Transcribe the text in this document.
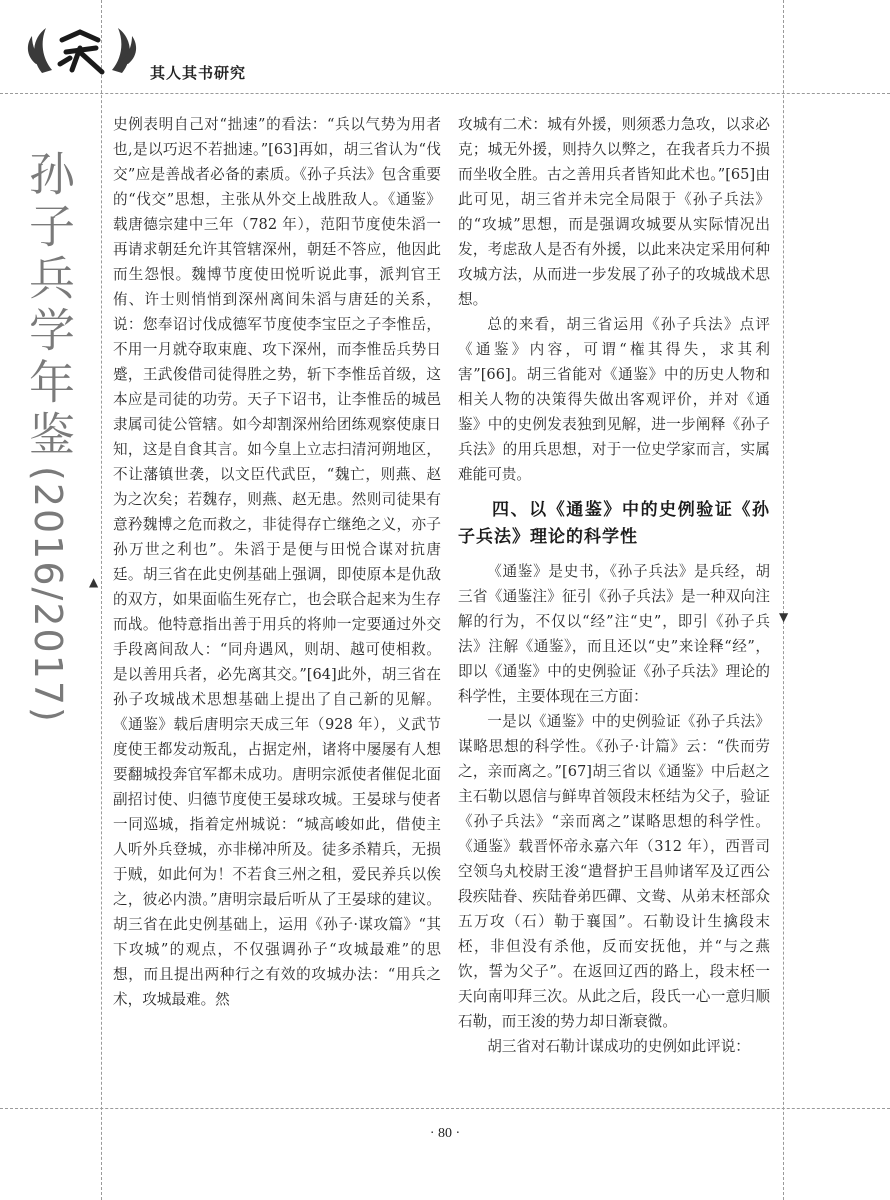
其人其书研究
孙子兵学年鉴
(2016/2017) ▲
▼

史例表明自己对“拙速”的看法：“兵以气势为用者也,是以巧迟不若拙速。”[63]再如，胡三省认为“伐交”应是善战者必备的素质。《孙子兵法》包含重要的“伐交”思想，主张从外交上战胜敌人。《通鉴》载唐德宗建中三年（782 年），范阳节度使朱滔一再请求朝廷允许其管辖深州，朝廷不答应，他因此而生怨恨。魏博节度使田悦听说此事，派判官王侑、许士则悄悄到深州离间朱滔与唐廷的关系，说：您奉诏讨伐成德军节度使李宝臣之子李惟岳，不用一月就夺取束鹿、攻下深州，而李惟岳兵势日蹙，王武俊借司徒得胜之势，斩下李惟岳首级，这本应是司徒的功劳。天子下诏书，让李惟岳的城邑隶属司徒公管辖。如今却割深州给团练观察使康日知，这是自食其言。如今皇上立志扫清河朔地区，不让藩镇世袭，以文臣代武臣，“魏亡，则燕、赵为之次矣；若魏存，则燕、赵无患。然则司徒果有意矜魏博之危而救之，非徒得存亡继绝之义，亦子孙万世之利也”。朱滔于是便与田悦合谋对抗唐廷。胡三省在此史例基础上强调，即使原本是仇敌的双方，如果面临生死存亡，也会联合起来为生存而战。他特意指出善于用兵的将帅一定要通过外交手段离间敌人：“同舟遇风，则胡、越可使相救。是以善用兵者，必先离其交。”[64]此外，胡三省在孙子攻城战术思想基础上提出了自己新的见解。《通鉴》载后唐明宗天成三年（928 年），义武节度使王都发动叛乱，占据定州，诸将中屡屡有人想要翻城投奔官军都未成功。唐明宗派使者催促北面副招讨使、归德节度使王晏球攻城。王晏球与使者一同巡城，指着定州城说：“城高峻如此，借使主人听外兵登城，亦非梯冲所及。徒多杀精兵，无损于贼，如此何为！不若食三州之租，爱民养兵以俟之，彼必内溃。”唐明宗最后听从了王晏球的建议。胡三省在此史例基础上，运用《孙子·谋攻篇》“其下攻城”的观点，不仅强调孙子“攻城最难”的思想，而且提出两种行之有效的攻城办法：“用兵之术，攻城最难。然

攻城有二术：城有外援，则须悉力急攻，以求必克；城无外援，则持久以弊之，在我者兵力不损而坐收全胜。古之善用兵者皆知此术也。”[65]由此可见，胡三省并未完全局限于《孙子兵法》的“攻城”思想，而是强调攻城要从实际情况出发，考虑敌人是否有外援，以此来决定采用何种攻城方法，从而进一步发展了孙子的攻城战术思想。

总的来看，胡三省运用《孙子兵法》点评《通鉴》内容，可谓“権其得失，求其利害”[66]。胡三省能对《通鉴》中的历史人物和相关人物的决策得失做出客观评价，并对《通鉴》中的史例发表独到见解，进一步阐释《孙子兵法》的用兵思想，对于一位史学家而言，实属难能可贵。

四、以《通鉴》中的史例验证《孙子兵法》理论的科学性

《通鉴》是史书，《孙子兵法》是兵经，胡三省《通鉴注》征引《孙子兵法》是一种双向注解的行为，不仅以“经”注“史”，即引《孙子兵法》注解《通鉴》，而且还以“史”来诠释“经”，即以《通鉴》中的史例验证《孙子兵法》理论的科学性，主要体现在三方面：

一是以《通鉴》中的史例验证《孙子兵法》谋略思想的科学性。《孙子·计篇》云：“佚而劳之，亲而离之。”[67]胡三省以《通鉴》中后赵之主石勒以恩信与鲜卑首领段末柸结为父子，验证《孙子兵法》“亲而离之”谋略思想的科学性。《通鉴》载晋怀帝永嘉六年（312 年），西晋司空领乌丸校尉王浚“遣督护王昌帅诸军及辽西公段疾陆眷、疾陆眷弟匹磾、文鸯、从弟末柸部众五万攻（石）勒于襄国”。石勒设计生擒段末柸，非但没有杀他，反而安抚他，并“与之燕饮，誓为父子”。在返回辽西的路上，段末柸一天向南叩拜三次。从此之后，段氏一心一意归顺石勒，而王浚的势力却日渐衰微。

胡三省对石勒计谋成功的史例如此评说：

· 80 ·
